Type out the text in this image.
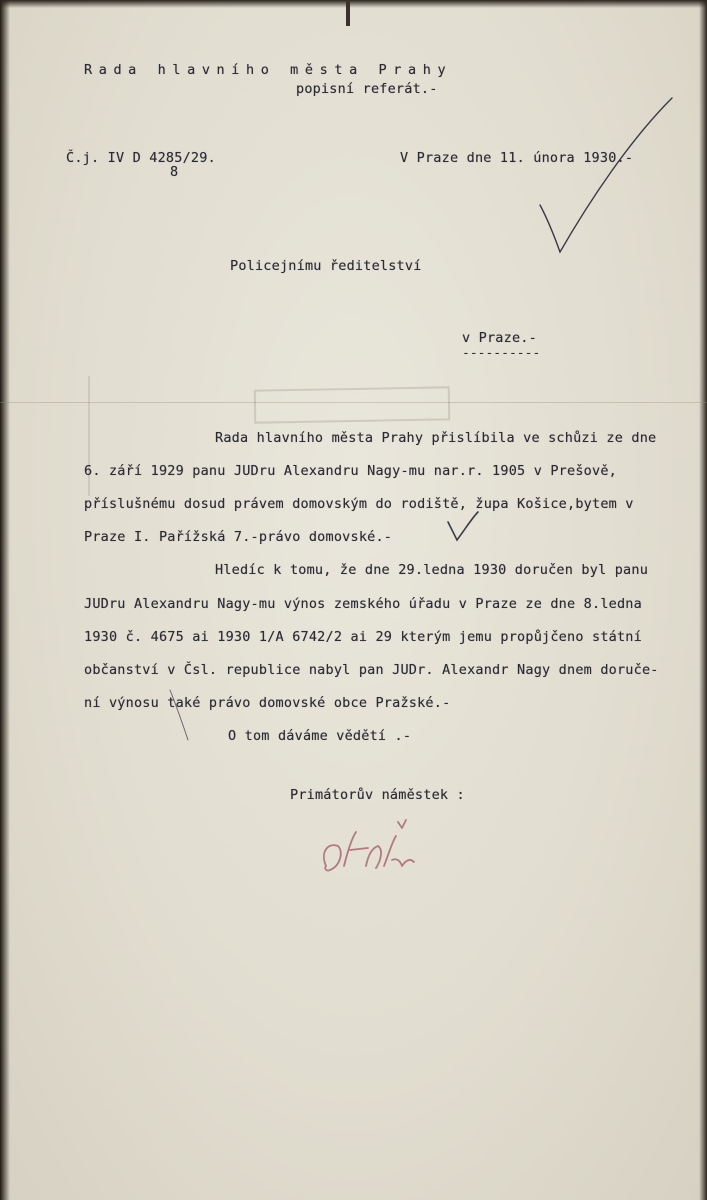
Rada hlavního města Prahy
popisní referát.-
Č.j. IV D 4285/29.
8
V Praze dne 11. února 1930.-
Policejnímu ředitelství
v Praze.-
----------
Rada hlavního města Prahy přislíbila ve schůzi ze dne
6. září 1929 panu JUDru Alexandru Nagy-mu nar.r. 1905 v Prešově,
příslušnému dosud právem domovským do rodiště, župa Košice,bytem v
Praze I. Pařížská 7.-právo domovské.-
Hledíc k tomu, že dne 29.ledna 1930 doručen byl panu
JUDru Alexandru Nagy-mu výnos zemského úřadu v Praze ze dne 8.ledna
1930 č. 4675 ai 1930 1/A 6742/2 ai 29 kterým jemu propůjčeno státní
občanství v Čsl. republice nabyl pan JUDr. Alexandr Nagy dnem doruče-
ní výnosu také právo domovské obce Pražské.-
O tom dáváme vědětí .-
Primátorův náměstek :
